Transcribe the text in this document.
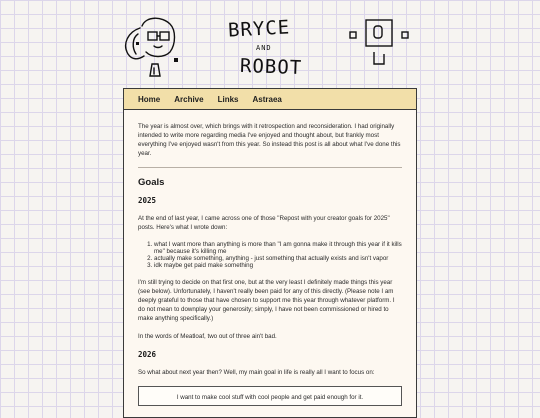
BRYCE
AND
ROBOT
Home Archive Links Astraea

The year is almost over, which brings with it retrospection and reconsideration. I had originally intended to write more regarding media I've enjoyed and thought about, but frankly most everything I've enjoyed wasn't from this year. So instead this post is all about what I've done this year.

Goals
2025

At the end of last year, I came across one of those "Repost with your creator goals for 2025" posts. Here's what I wrote down:

1. what I want more than anything is more than "I am gonna make it through this year if it kills me" because it's killing me
2. actually make something, anything - just something that actually exists and isn't vapor
3. idk maybe get paid make something

I'm still trying to decide on that first one, but at the very least I definitely made things this year (see below). Unfortunately, I haven't really been paid for any of this directly. (Please note I am deeply grateful to those that have chosen to support me this year through whatever platform. I do not mean to downplay your generosity; simply, I have not been commissioned or hired to make anything specifically.)

In the words of Meatloaf, two out of three ain't bad.

2026

So what about next year then? Well, my main goal in life is really all I want to focus on:

I want to make cool stuff with cool people and get paid enough for it.
